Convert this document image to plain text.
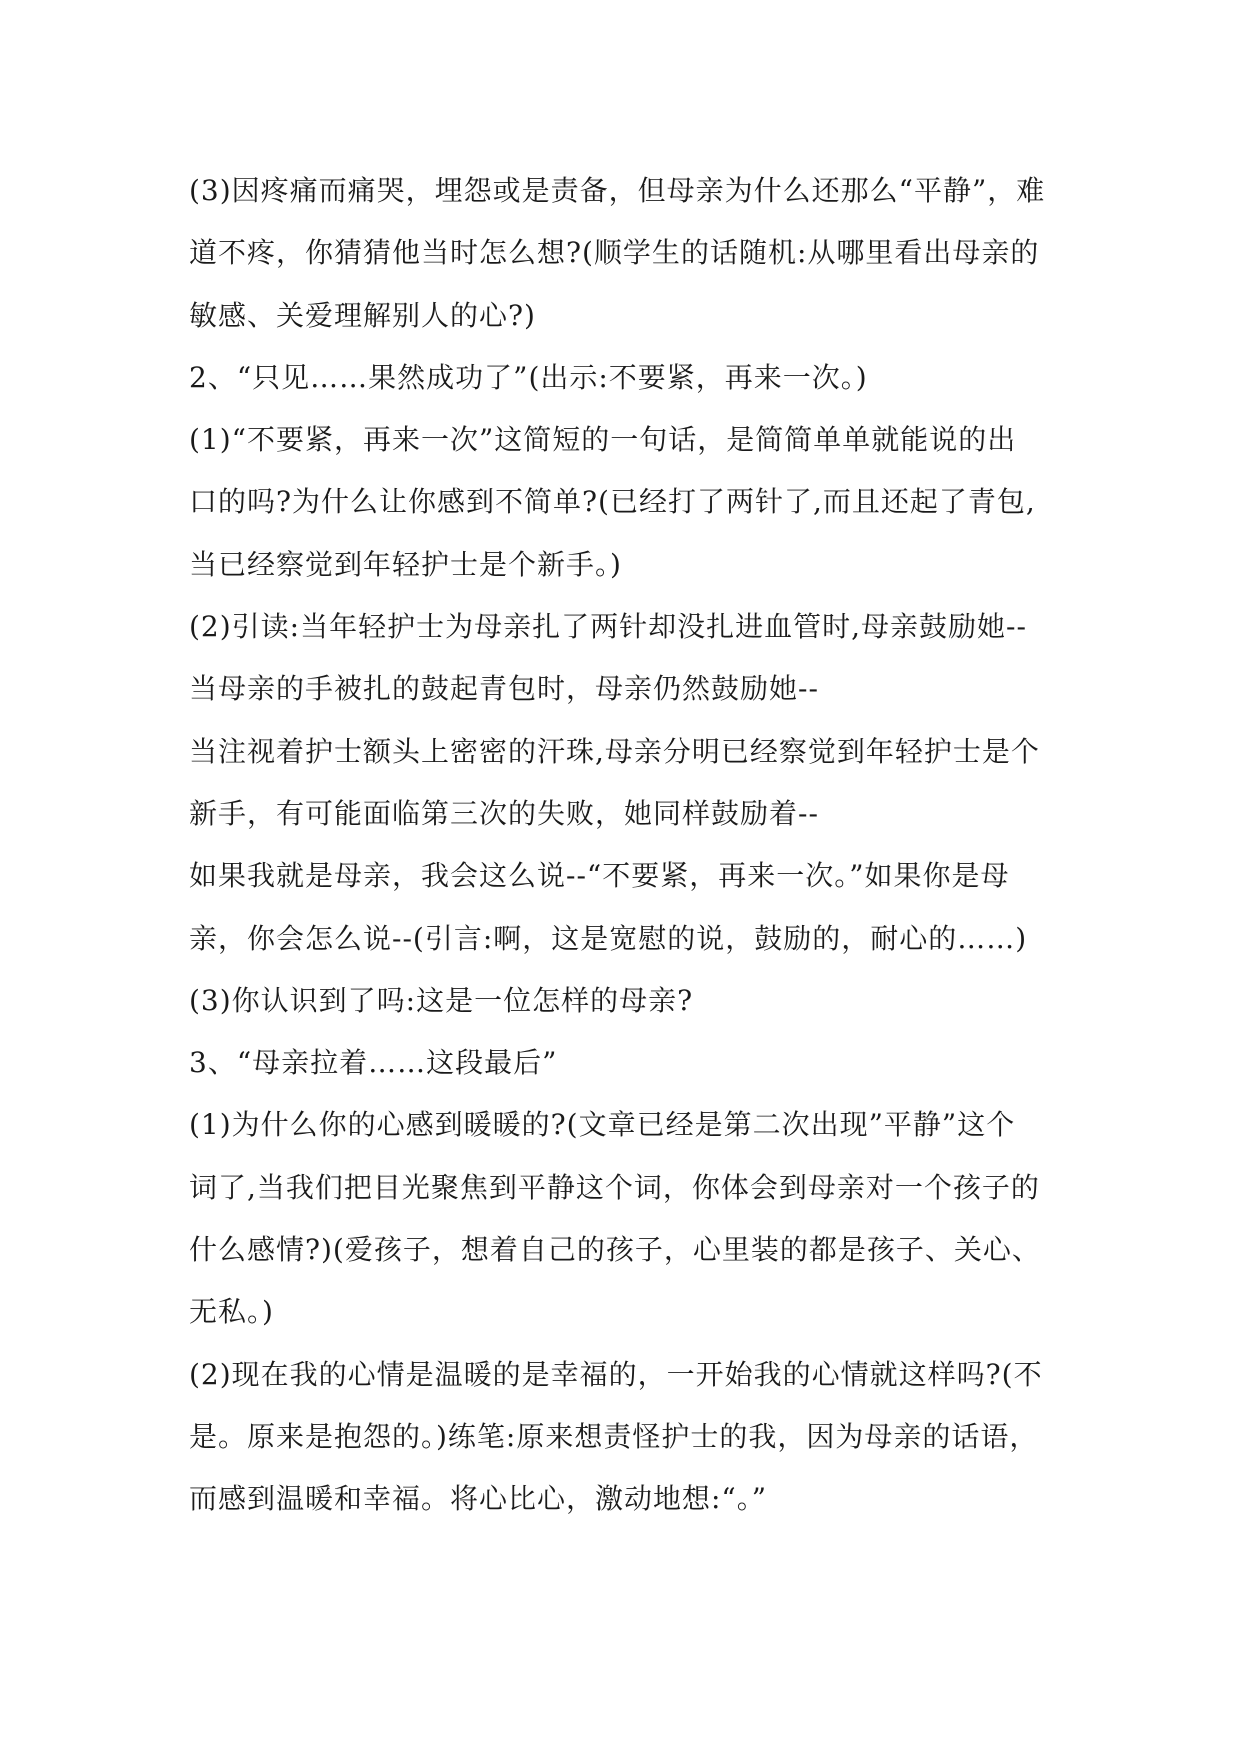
(3)因疼痛而痛哭，埋怨或是责备，但母亲为什么还那么“平静”，难
道不疼，你猜猜他当时怎么想?(顺学生的话随机:从哪里看出母亲的
敏感、关爱理解别人的心?)
2、“只见……果然成功了”(出示:不要紧，再来一次。)
(1)“不要紧，再来一次”这简短的一句话，是简简单单就能说的出
口的吗?为什么让你感到不简单?(已经打了两针了,而且还起了青包,
当已经察觉到年轻护士是个新手。)
(2)引读:当年轻护士为母亲扎了两针却没扎进血管时,母亲鼓励她--
当母亲的手被扎的鼓起青包时，母亲仍然鼓励她--
当注视着护士额头上密密的汗珠,母亲分明已经察觉到年轻护士是个
新手，有可能面临第三次的失败，她同样鼓励着--
如果我就是母亲，我会这么说--“不要紧，再来一次。”如果你是母
亲，你会怎么说--(引言:啊，这是宽慰的说，鼓励的，耐心的……)
(3)你认识到了吗:这是一位怎样的母亲?
3、“母亲拉着……这段最后”
(1)为什么你的心感到暖暖的?(文章已经是第二次出现”平静”这个
词了,当我们把目光聚焦到平静这个词，你体会到母亲对一个孩子的
什么感情?)(爱孩子，想着自己的孩子，心里装的都是孩子、关心、
无私。)
(2)现在我的心情是温暖的是幸福的，一开始我的心情就这样吗?(不
是。原来是抱怨的。)练笔:原来想责怪护士的我，因为母亲的话语，
而感到温暖和幸福。将心比心，激动地想:“。”
